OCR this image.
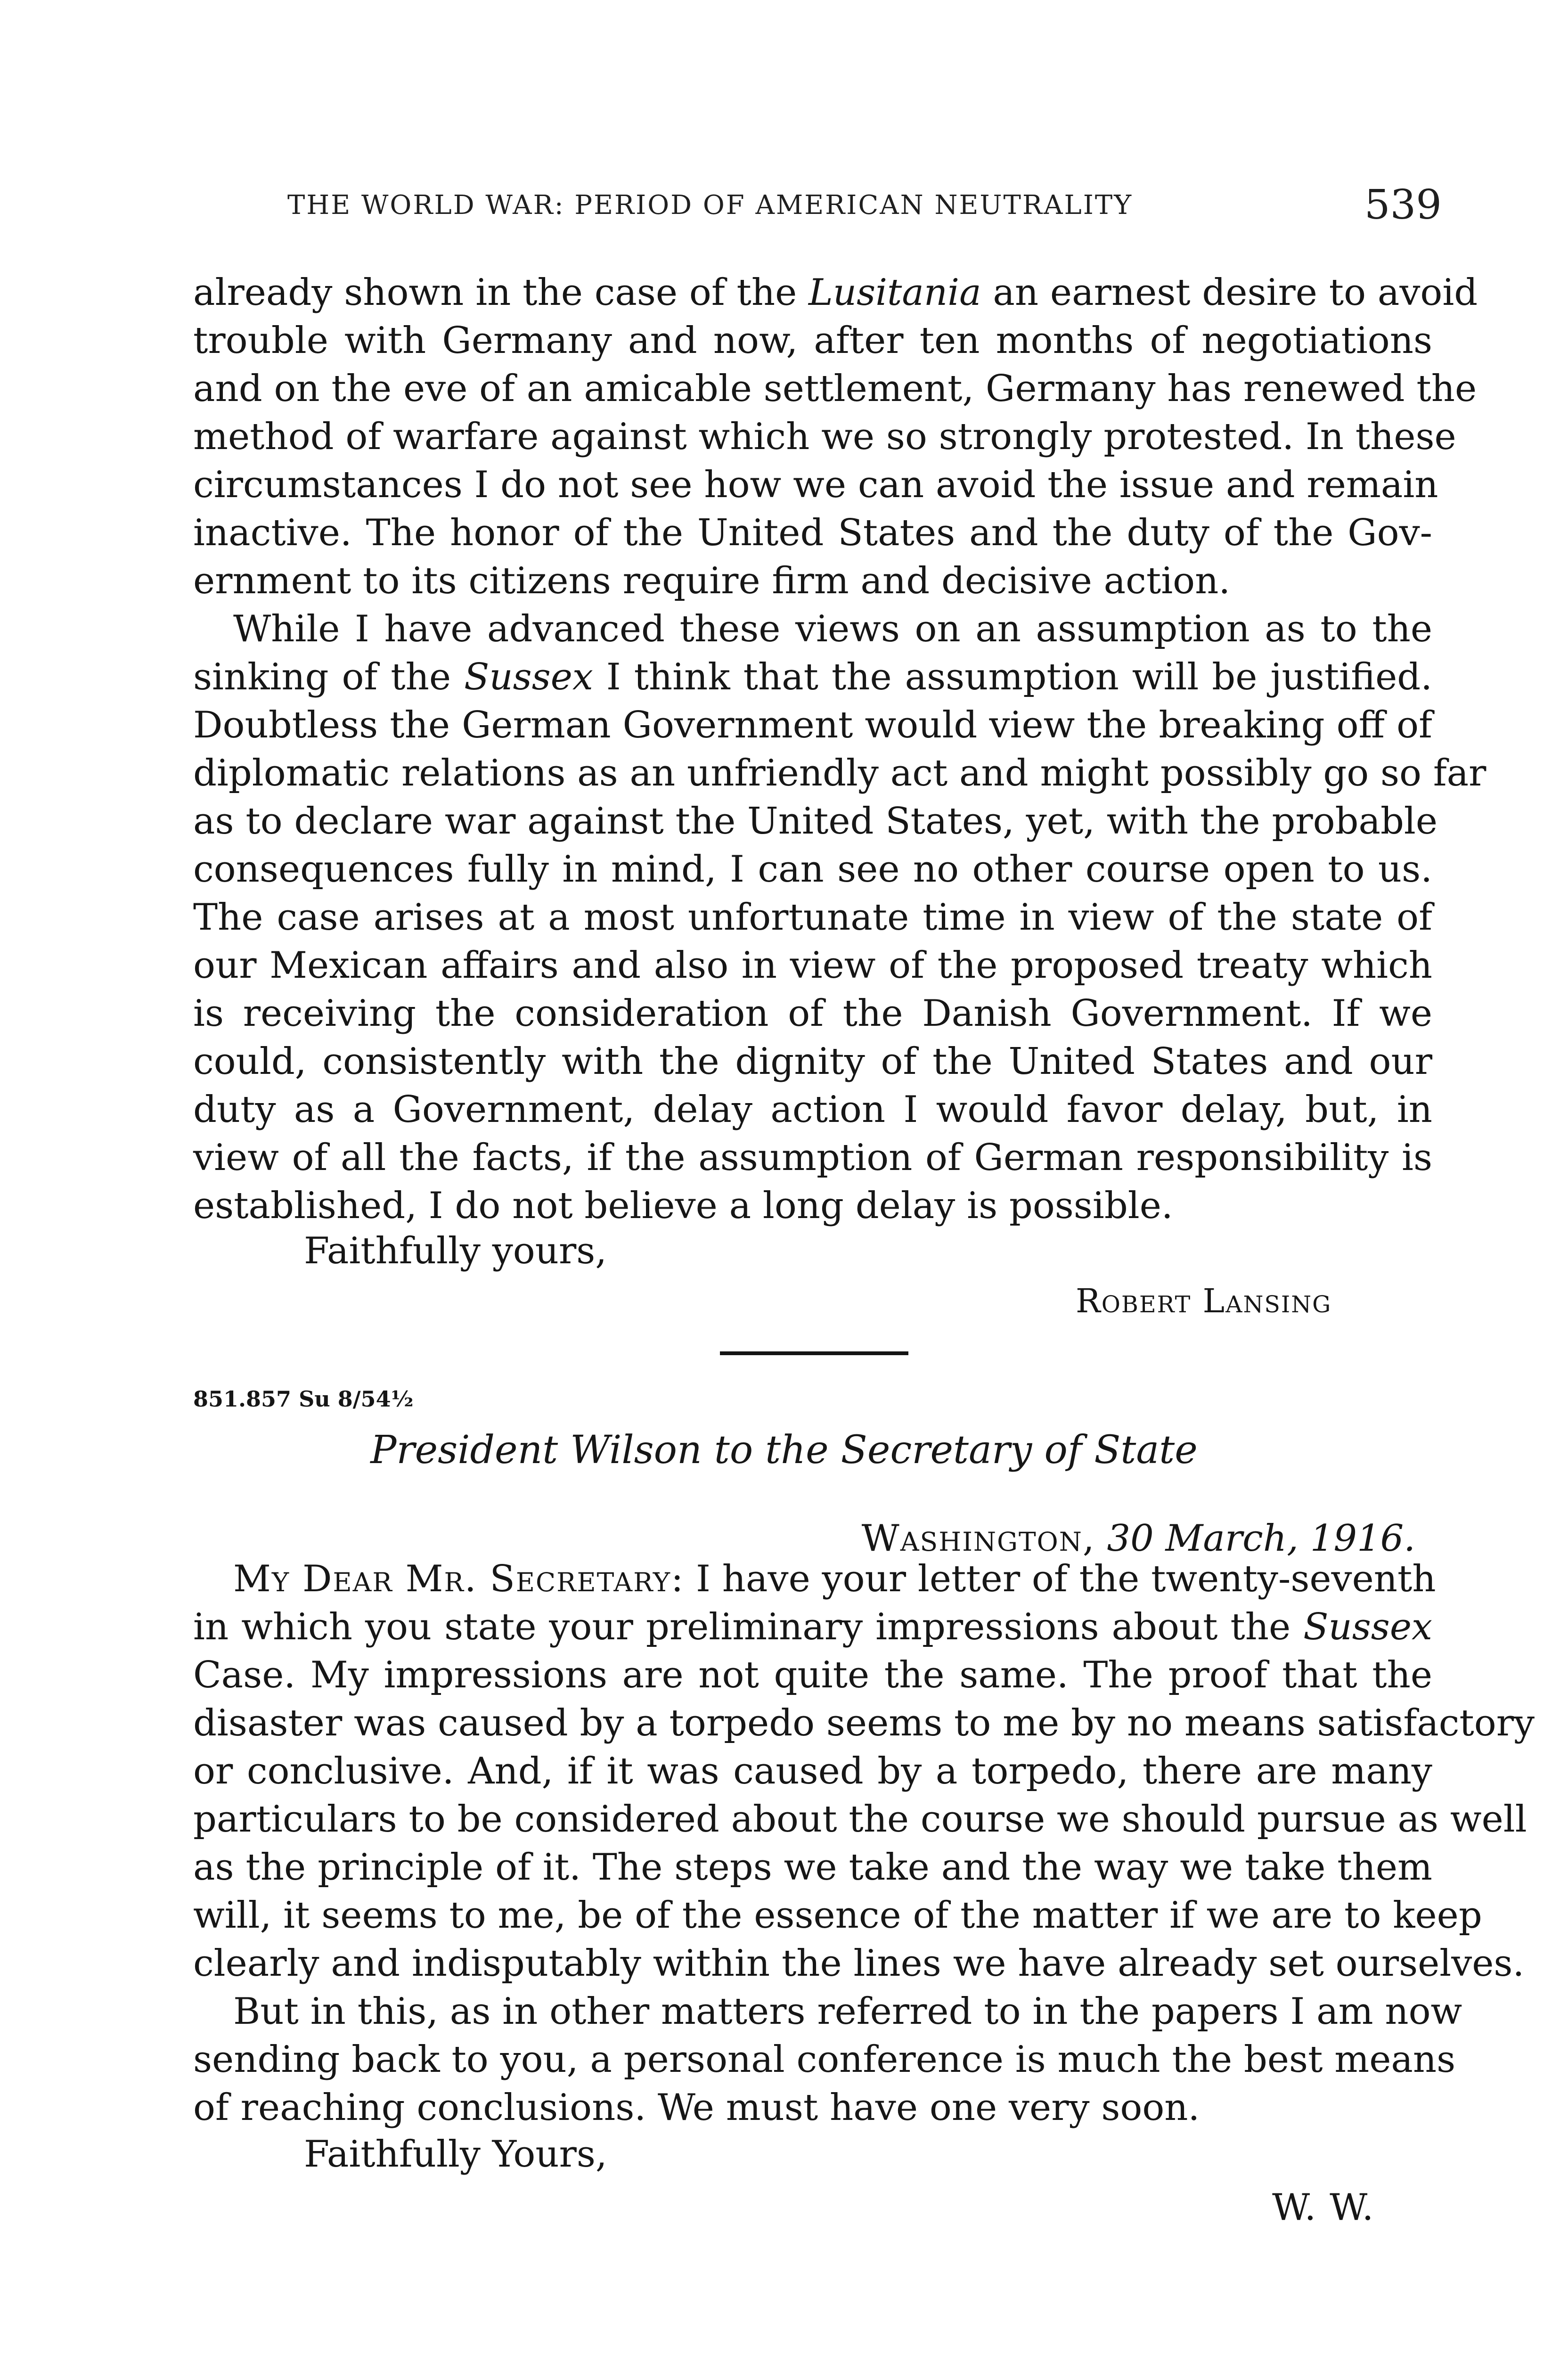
THE WORLD WAR: PERIOD OF AMERICAN NEUTRALITY	539
already shown in the case of the Lusitania an earnest desire to avoid
trouble with Germany and now, after ten months of negotiations
and on the eve of an amicable settlement, Germany has renewed the
method of warfare against which we so strongly protested. In these
circumstances I do not see how we can avoid the issue and remain
inactive. The honor of the United States and the duty of the Gov-
ernment to its citizens require firm and decisive action.
While I have advanced these views on an assumption as to the
sinking of the Sussex I think that the assumption will be justified.
Doubtless the German Government would view the breaking off of
diplomatic relations as an unfriendly act and might possibly go so far
as to declare war against the United States, yet, with the probable
consequences fully in mind, I can see no other course open to us.
The case arises at a most unfortunate time in view of the state of
our Mexican affairs and also in view of the proposed treaty which
is receiving the consideration of the Danish Government. If we
could, consistently with the dignity of the United States and our
duty as a Government, delay action I would favor delay, but, in
view of all the facts, if the assumption of German responsibility is
established, I do not believe a long delay is possible.
Faithfully yours,
Robert Lansing
851.857 Su 8/54½
President Wilson to the Secretary of State
Washington, 30 March, 1916.
My Dear Mr. Secretary: I have your letter of the twenty-seventh
in which you state your preliminary impressions about the Sussex
Case. My impressions are not quite the same. The proof that the
disaster was caused by a torpedo seems to me by no means satisfactory
or conclusive. And, if it was caused by a torpedo, there are many
particulars to be considered about the course we should pursue as well
as the principle of it. The steps we take and the way we take them
will, it seems to me, be of the essence of the matter if we are to keep
clearly and indisputably within the lines we have already set ourselves.
But in this, as in other matters referred to in the papers I am now
sending back to you, a personal conference is much the best means
of reaching conclusions. We must have one very soon.
Faithfully Yours,
W. W.
